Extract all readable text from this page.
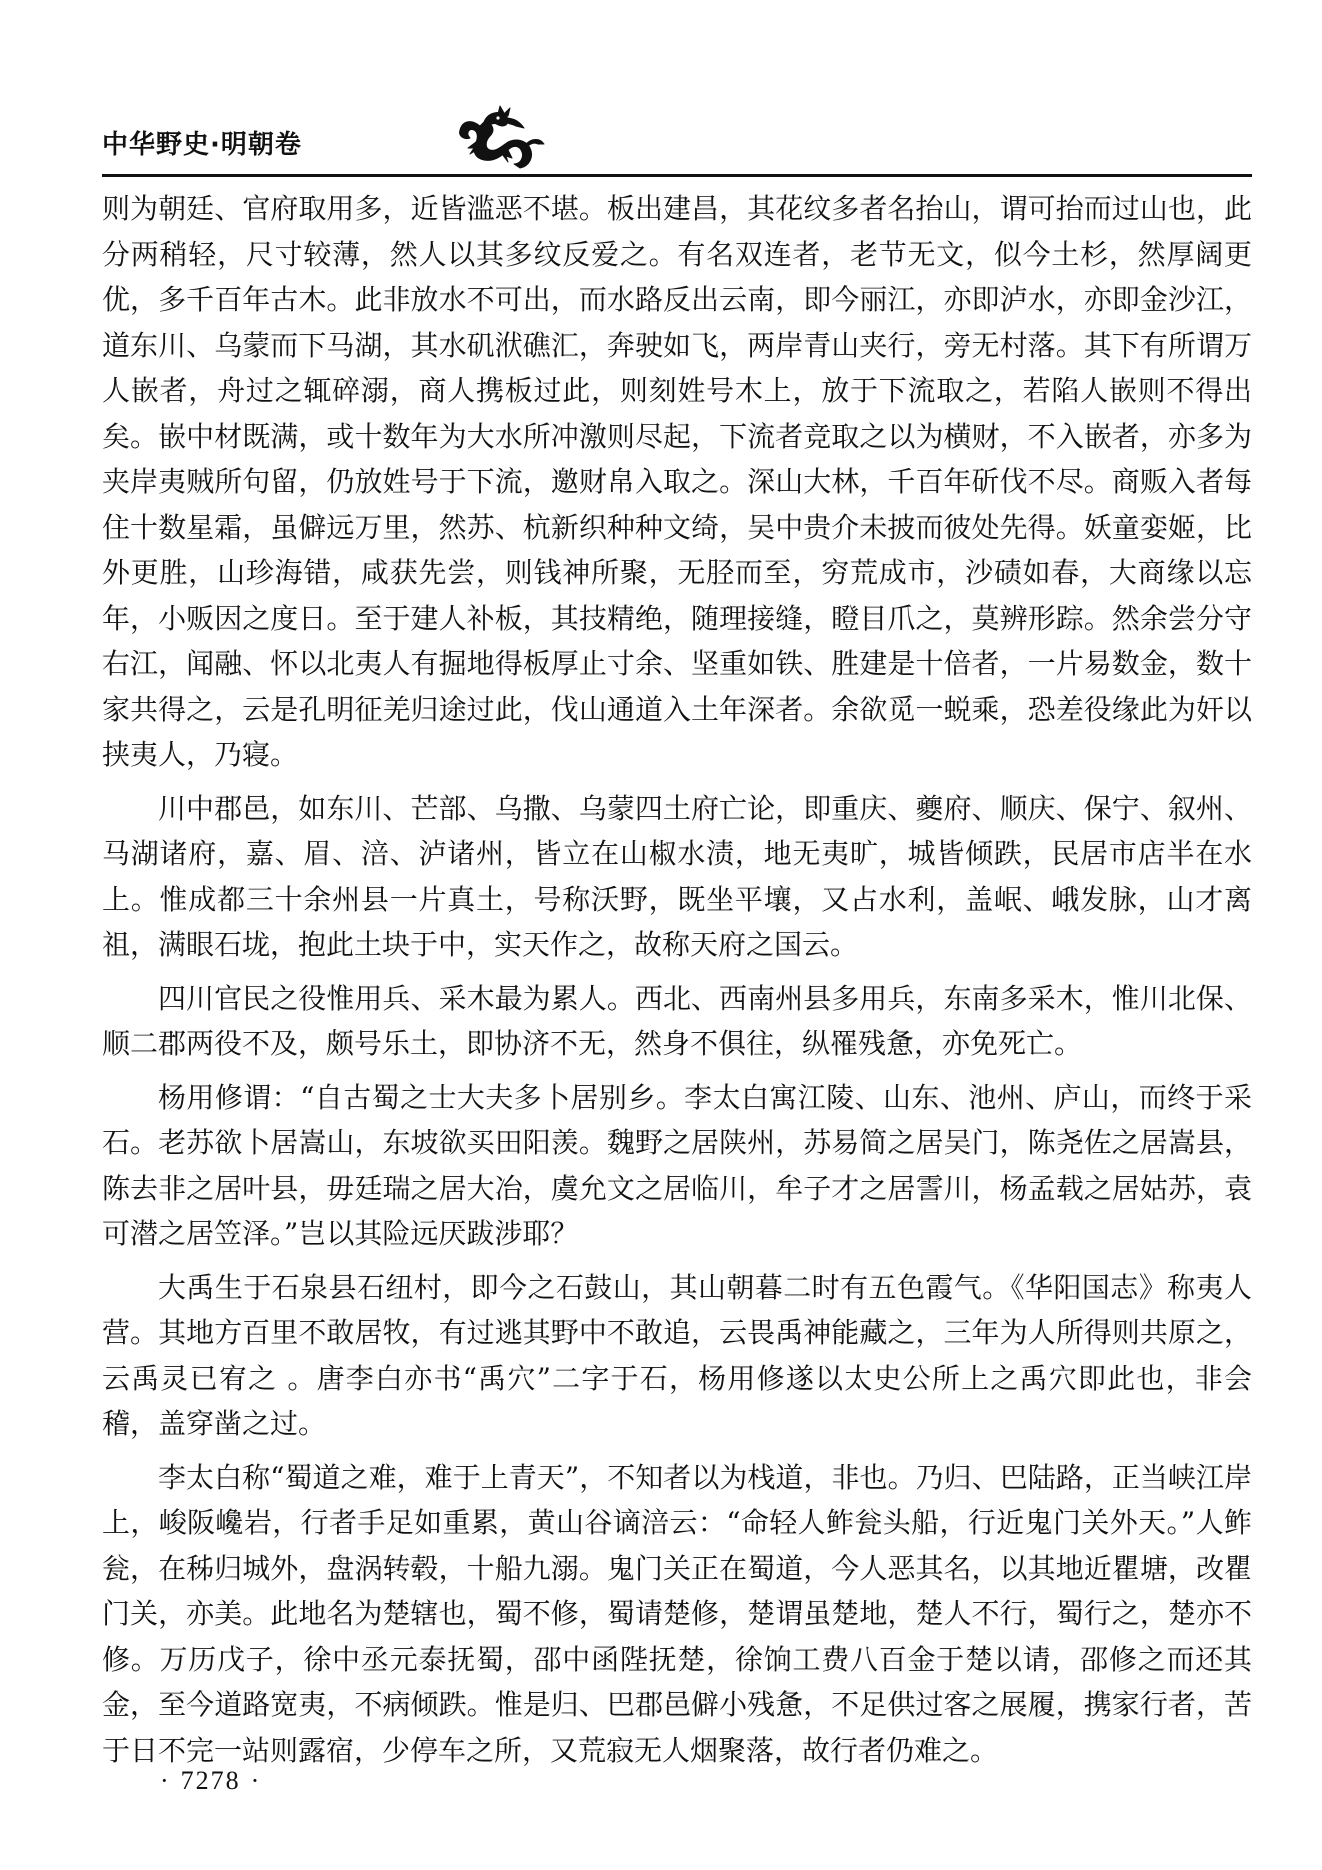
中华野史·明朝卷

则为朝廷、官府取用多，近皆滥恶不堪。板出建昌，其花纹多者名抬山，谓可抬而过山也，此分两稍轻，尺寸较薄，然人以其多纹反爱之。有名双连者，老节无文，似今土杉，然厚阔更优，多千百年古木。此非放水不可出，而水路反出云南，即今丽江，亦即泸水，亦即金沙江，道东川、乌蒙而下马湖，其水矶洑礁汇，奔驶如飞，两岸青山夹行，旁无村落。其下有所谓万人嵌者，舟过之辄碎溺，商人携板过此，则刻姓号木上，放于下流取之，若陷人嵌则不得出矣。嵌中材既满，或十数年为大水所冲激则尽起，下流者竞取之以为横财，不入嵌者，亦多为夹岸夷贼所句留，仍放姓号于下流，邀财帛入取之。深山大林，千百年斫伐不尽。商贩入者每住十数星霜，虽僻远万里，然苏、杭新织种种文绮，吴中贵介未披而彼处先得。妖童娈姬，比外更胜，山珍海错，咸获先尝，则钱神所聚，无胫而至，穷荒成市，沙碛如春，大商缘以忘年，小贩因之度日。至于建人补板，其技精绝，随理接缝，瞪目爪之，莫辨形踪。然余尝分守右江，闻融、怀以北夷人有掘地得板厚止寸余、坚重如铁、胜建是十倍者，一片易数金，数十家共得之，云是孔明征羌归途过此，伐山通道入土年深者。余欲觅一蜕乘，恐差役缘此为奸以挟夷人，乃寝。

川中郡邑，如东川、芒部、乌撒、乌蒙四土府亡论，即重庆、夔府、顺庆、保宁、叙州、马湖诸府，嘉、眉、涪、泸诸州，皆立在山椒水渍，地无夷旷，城皆倾跌，民居市店半在水上。惟成都三十余州县一片真土，号称沃野，既坐平壤，又占水利，盖岷、峨发脉，山才离祖，满眼石垅，抱此土块于中，实天作之，故称天府之国云。

四川官民之役惟用兵、采木最为累人。西北、西南州县多用兵，东南多采木，惟川北保、顺二郡两役不及，颇号乐土，即协济不无，然身不俱往，纵罹残惫，亦免死亡。

杨用修谓：“自古蜀之士大夫多卜居别乡。李太白寓江陵、山东、池州、庐山，而终于采石。老苏欲卜居嵩山，东坡欲买田阳羡。魏野之居陕州，苏易简之居吴门，陈尧佐之居嵩县，陈去非之居叶县，毋廷瑞之居大冶，虞允文之居临川，牟子才之居霅川，杨孟载之居姑苏，袁可潜之居笠泽。”岂以其险远厌跋涉耶？

大禹生于石泉县石纽村，即今之石鼓山，其山朝暮二时有五色霞气。《华阳国志》称夷人营。其地方百里不敢居牧，有过逃其野中不敢追，云畏禹神能藏之，三年为人所得则共原之，云禹灵已宥之 。唐李白亦书“禹穴”二字于石，杨用修遂以太史公所上之禹穴即此也，非会稽，盖穿凿之过。

李太白称“蜀道之难，难于上青天”，不知者以为栈道，非也。乃归、巴陆路，正当峡江岸上，峻阪巉岩，行者手足如重累，黄山谷谪涪云：“命轻人鲊瓮头船，行近鬼门关外天。”人鲊瓮，在秭归城外，盘涡转毂，十船九溺。鬼门关正在蜀道，今人恶其名，以其地近瞿塘，改瞿门关，亦美。此地名为楚辖也，蜀不修，蜀请楚修，楚谓虽楚地，楚人不行，蜀行之，楚亦不修。万历戊子，徐中丞元泰抚蜀，邵中函陛抚楚，徐饷工费八百金于楚以请，邵修之而还其金，至今道路宽夷，不病倾跌。惟是归、巴郡邑僻小残惫，不足供过客之展履，携家行者，苦于日不完一站则露宿，少停车之所，又荒寂无人烟聚落，故行者仍难之。

· 7278 ·
